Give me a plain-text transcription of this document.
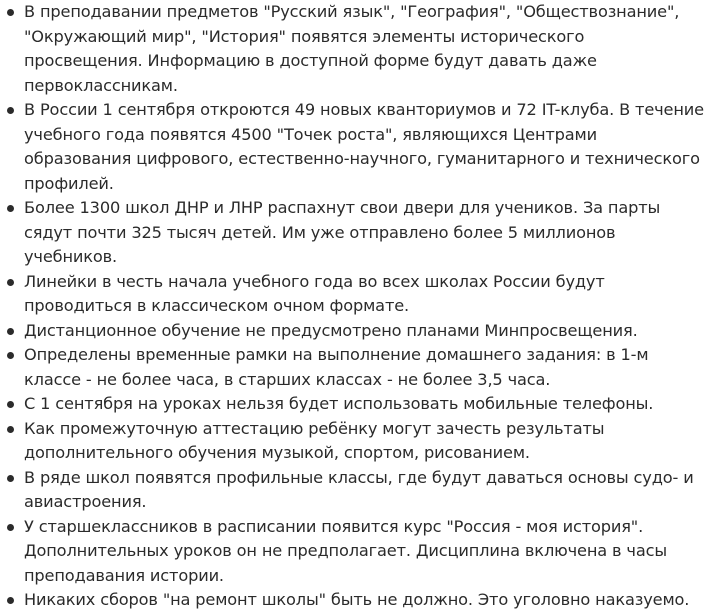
В преподавании предметов "Русский язык", "География", "Обществознание", "Окружающий мир", "История" появятся элементы исторического просвещения. Информацию в доступной форме будут давать даже первоклассникам.
В России 1 сентября откроются 49 новых кванториумов и 72 IT-клуба. В течение учебного года появятся 4500 "Точек роста", являющихся Центрами образования цифрового, естественно-научного, гуманитарного и технического профилей.
Более 1300 школ ДНР и ЛНР распахнут свои двери для учеников. За парты сядут почти 325 тысяч детей. Им уже отправлено более 5 миллионов учебников.
Линейки в честь начала учебного года во всех школах России будут проводиться в классическом очном формате.
Дистанционное обучение не предусмотрено планами Минпросвещения.
Определены временные рамки на выполнение домашнего задания: в 1-м классе - не более часа, в старших классах - не более 3,5 часа.
С 1 сентября на уроках нельзя будет использовать мобильные телефоны.
Как промежуточную аттестацию ребёнку могут зачесть результаты дополнительного обучения музыкой, спортом, рисованием.
В ряде школ появятся профильные классы, где будут даваться основы судо- и авиастроения.
У старшеклассников в расписании появится курс "Россия - моя история". Дополнительных уроков он не предполагает. Дисциплина включена в часы преподавания истории.
Никаких сборов "на ремонт школы" быть не должно. Это уголовно наказуемо.
